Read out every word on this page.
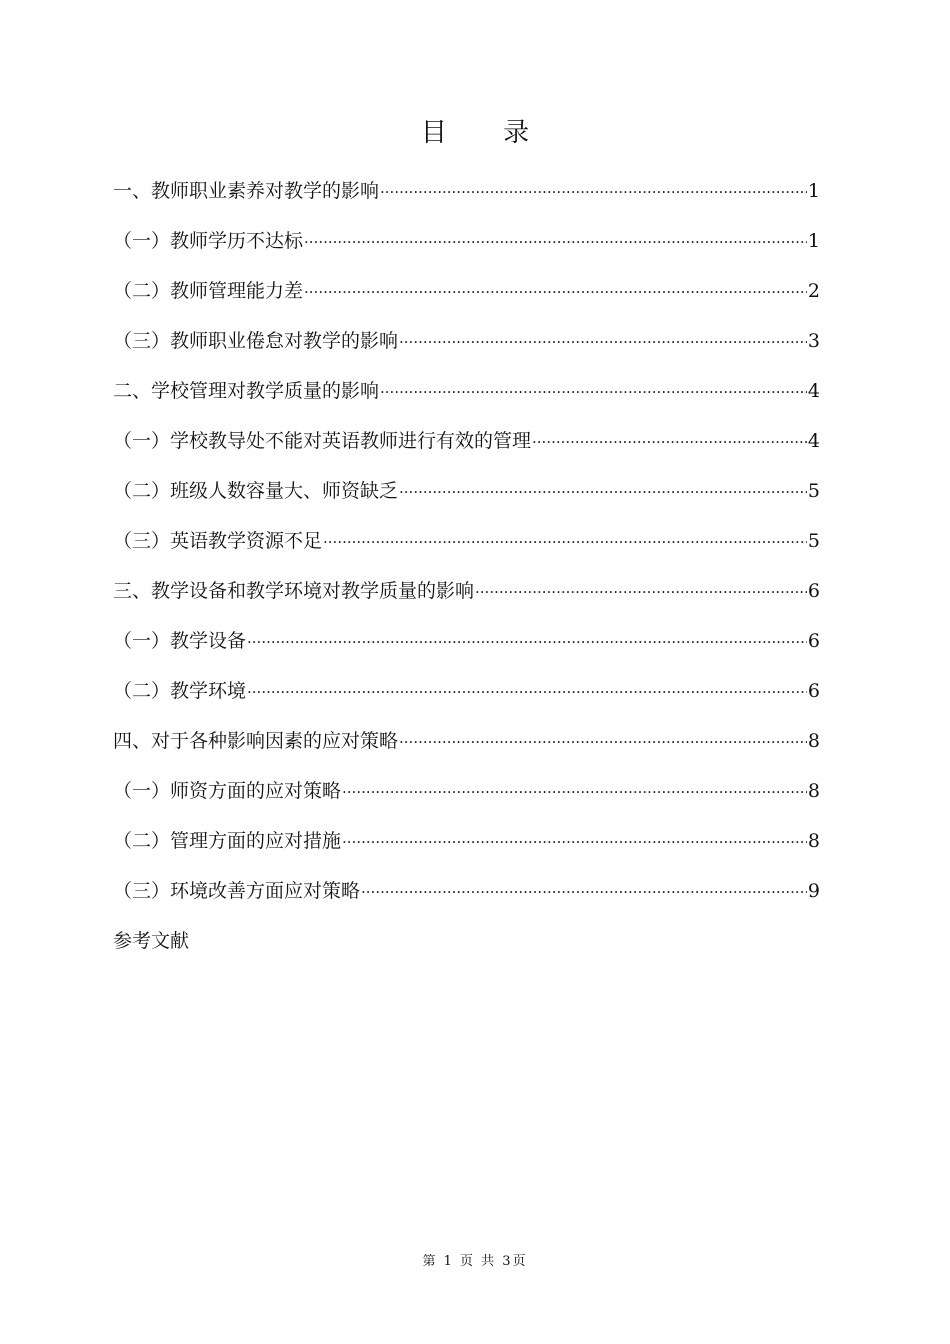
目 录
一、教师职业素养对教学的影响 ·····	1
（一）教师学历不达标 ·····	1
（二）教师管理能力差 ·····	2
（三）教师职业倦怠对教学的影响 ·····	3
二、学校管理对教学质量的影响 ·····	4
（一）学校教导处不能对英语教师进行有效的管理 ·····	4
（二）班级人数容量大、师资缺乏 ·····	5
（三）英语教学资源不足 ·····	5
三、教学设备和教学环境对教学质量的影响 ·····	6
（一）教学设备 ·····	6
（二）教学环境 ·····	6
四、对于各种影响因素的应对策略 ·····	8
（一）师资方面的应对策略 ·····	8
（二）管理方面的应对措施 ·····	8
（三）环境改善方面应对策略 ·····	9
参考文献
第 1 页 共 3页
